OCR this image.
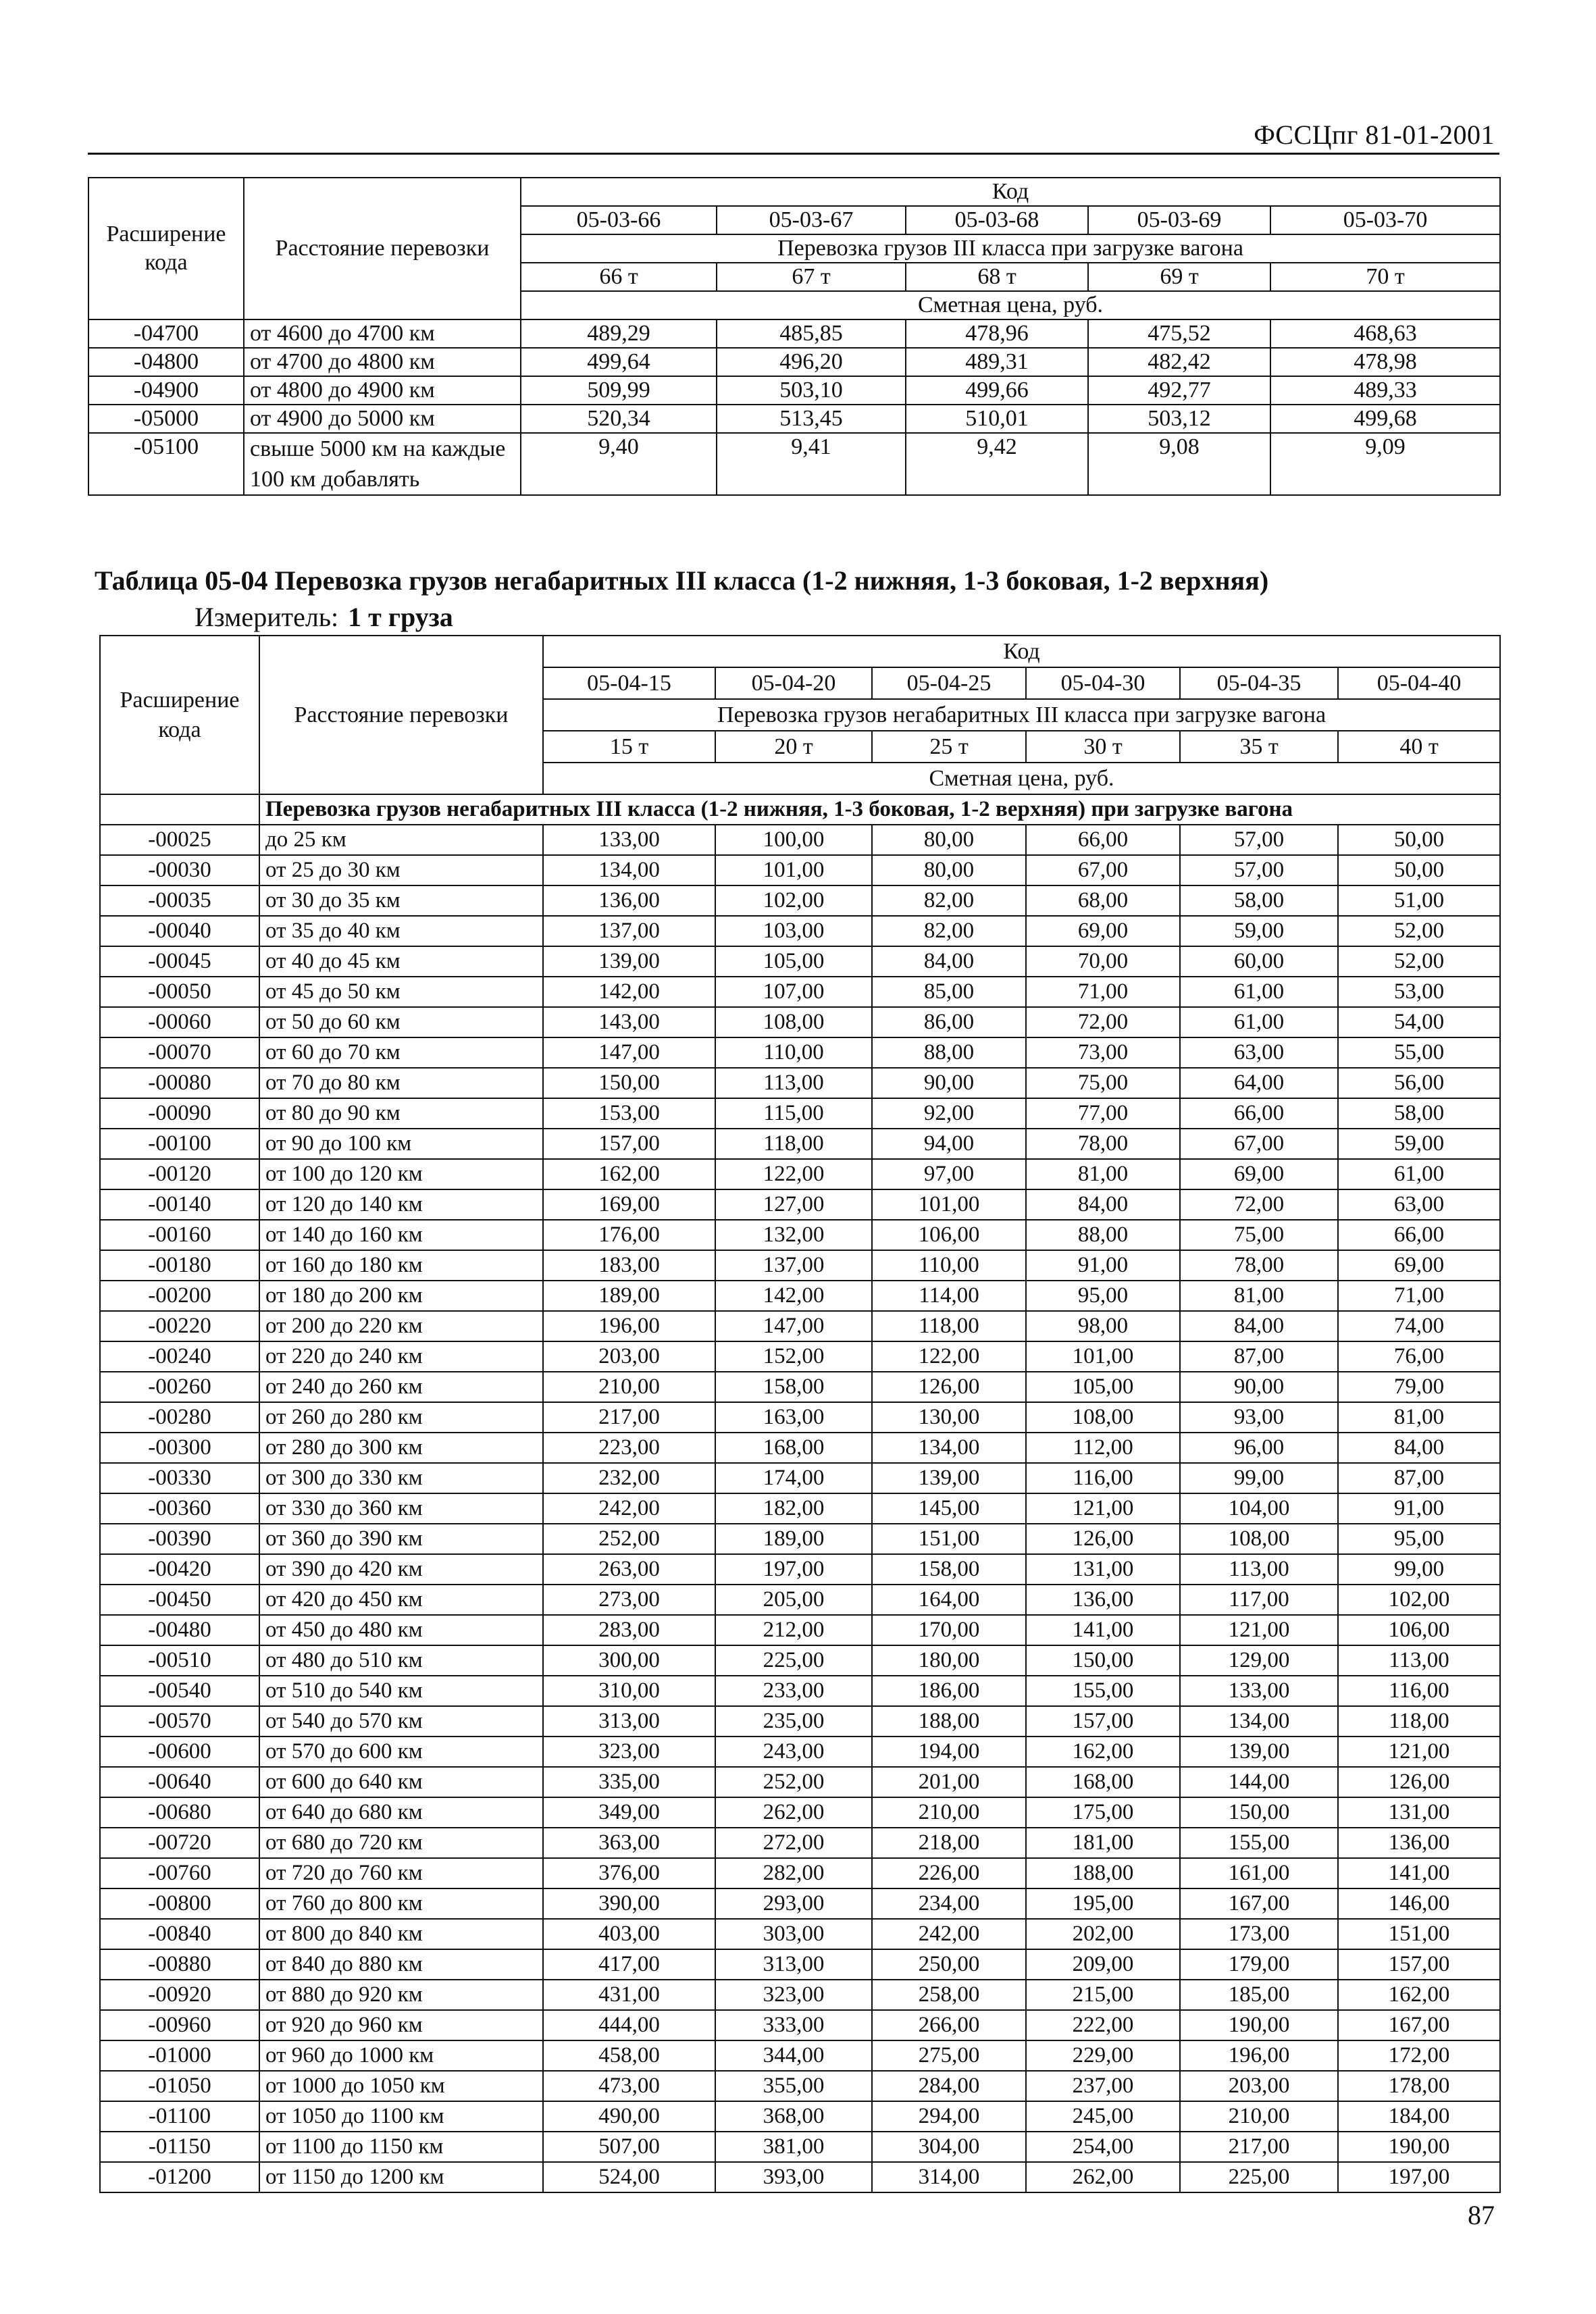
ФССЦпг 81-01-2001
Расширение кода	Расстояние перевозки	Код				
		05-03-66	05-03-67	05-03-68	05-03-69	05-03-70
		Перевозка грузов III класса при загрузке вагона				
		66 т	67 т	68 т	69 т	70 т
		Сметная цена, руб.				
-04700	от 4600 до 4700 км	489,29	485,85	478,96	475,52	468,63
-04800	от 4700 до 4800 км	499,64	496,20	489,31	482,42	478,98
-04900	от 4800 до 4900 км	509,99	503,10	499,66	492,77	489,33
-05000	от 4900 до 5000 км	520,34	513,45	510,01	503,12	499,68
-05100	свыше 5000 км на каждые 100 км добавлять	9,40	9,41	9,42	9,08	9,09
Таблица 05-04 Перевозка грузов негабаритных III класса (1-2 нижняя, 1-3 боковая, 1-2 верхняя)
Измеритель: 1 т груза
Расширение кода	Расстояние перевозки	Код					
		05-04-15	05-04-20	05-04-25	05-04-30	05-04-35	05-04-40
		Перевозка грузов негабаритных III класса при загрузке вагона					
		15 т	20 т	25 т	30 т	35 т	40 т
		Сметная цена, руб.					
	Перевозка грузов негабаритных III класса (1-2 нижняя, 1-3 боковая, 1-2 верхняя) при загрузке вагона						
-00025	до 25 км	133,00	100,00	80,00	66,00	57,00	50,00
-00030	от 25 до 30 км	134,00	101,00	80,00	67,00	57,00	50,00
-00035	от 30 до 35 км	136,00	102,00	82,00	68,00	58,00	51,00
-00040	от 35 до 40 км	137,00	103,00	82,00	69,00	59,00	52,00
-00045	от 40 до 45 км	139,00	105,00	84,00	70,00	60,00	52,00
-00050	от 45 до 50 км	142,00	107,00	85,00	71,00	61,00	53,00
-00060	от 50 до 60 км	143,00	108,00	86,00	72,00	61,00	54,00
-00070	от 60 до 70 км	147,00	110,00	88,00	73,00	63,00	55,00
-00080	от 70 до 80 км	150,00	113,00	90,00	75,00	64,00	56,00
-00090	от 80 до 90 км	153,00	115,00	92,00	77,00	66,00	58,00
-00100	от 90 до 100 км	157,00	118,00	94,00	78,00	67,00	59,00
-00120	от 100 до 120 км	162,00	122,00	97,00	81,00	69,00	61,00
-00140	от 120 до 140 км	169,00	127,00	101,00	84,00	72,00	63,00
-00160	от 140 до 160 км	176,00	132,00	106,00	88,00	75,00	66,00
-00180	от 160 до 180 км	183,00	137,00	110,00	91,00	78,00	69,00
-00200	от 180 до 200 км	189,00	142,00	114,00	95,00	81,00	71,00
-00220	от 200 до 220 км	196,00	147,00	118,00	98,00	84,00	74,00
-00240	от 220 до 240 км	203,00	152,00	122,00	101,00	87,00	76,00
-00260	от 240 до 260 км	210,00	158,00	126,00	105,00	90,00	79,00
-00280	от 260 до 280 км	217,00	163,00	130,00	108,00	93,00	81,00
-00300	от 280 до 300 км	223,00	168,00	134,00	112,00	96,00	84,00
-00330	от 300 до 330 км	232,00	174,00	139,00	116,00	99,00	87,00
-00360	от 330 до 360 км	242,00	182,00	145,00	121,00	104,00	91,00
-00390	от 360 до 390 км	252,00	189,00	151,00	126,00	108,00	95,00
-00420	от 390 до 420 км	263,00	197,00	158,00	131,00	113,00	99,00
-00450	от 420 до 450 км	273,00	205,00	164,00	136,00	117,00	102,00
-00480	от 450 до 480 км	283,00	212,00	170,00	141,00	121,00	106,00
-00510	от 480 до 510 км	300,00	225,00	180,00	150,00	129,00	113,00
-00540	от 510 до 540 км	310,00	233,00	186,00	155,00	133,00	116,00
-00570	от 540 до 570 км	313,00	235,00	188,00	157,00	134,00	118,00
-00600	от 570 до 600 км	323,00	243,00	194,00	162,00	139,00	121,00
-00640	от 600 до 640 км	335,00	252,00	201,00	168,00	144,00	126,00
-00680	от 640 до 680 км	349,00	262,00	210,00	175,00	150,00	131,00
-00720	от 680 до 720 км	363,00	272,00	218,00	181,00	155,00	136,00
-00760	от 720 до 760 км	376,00	282,00	226,00	188,00	161,00	141,00
-00800	от 760 до 800 км	390,00	293,00	234,00	195,00	167,00	146,00
-00840	от 800 до 840 км	403,00	303,00	242,00	202,00	173,00	151,00
-00880	от 840 до 880 км	417,00	313,00	250,00	209,00	179,00	157,00
-00920	от 880 до 920 км	431,00	323,00	258,00	215,00	185,00	162,00
-00960	от 920 до 960 км	444,00	333,00	266,00	222,00	190,00	167,00
-01000	от 960 до 1000 км	458,00	344,00	275,00	229,00	196,00	172,00
-01050	от 1000 до 1050 км	473,00	355,00	284,00	237,00	203,00	178,00
-01100	от 1050 до 1100 км	490,00	368,00	294,00	245,00	210,00	184,00
-01150	от 1100 до 1150 км	507,00	381,00	304,00	254,00	217,00	190,00
-01200	от 1150 до 1200 км	524,00	393,00	314,00	262,00	225,00	197,00
87
